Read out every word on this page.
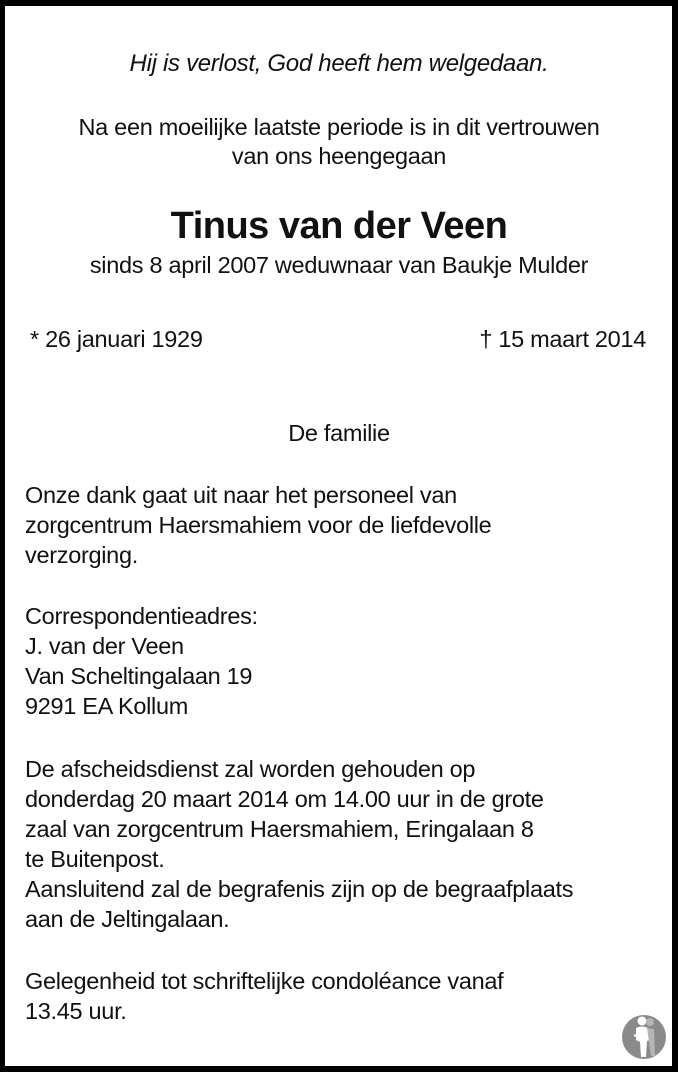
Hij is verlost, God heeft hem welgedaan.
Na een moeilijke laatste periode is in dit vertrouwen
van ons heengegaan
Tinus van der Veen
sinds 8 april 2007 weduwnaar van Baukje Mulder
* 26 januari 1929	† 15 maart 2014
De familie
Onze dank gaat uit naar het personeel van
zorgcentrum Haersmahiem voor de liefdevolle
verzorging.
Correspondentieadres:
J. van der Veen
Van Scheltingalaan 19
9291 EA Kollum
De afscheidsdienst zal worden gehouden op
donderdag 20 maart 2014 om 14.00 uur in de grote
zaal van zorgcentrum Haersmahiem, Eringalaan 8
te Buitenpost.
Aansluitend zal de begrafenis zijn op de begraafplaats
aan de Jeltingalaan.
Gelegenheid tot schriftelijke condoléance vanaf
13.45 uur.
